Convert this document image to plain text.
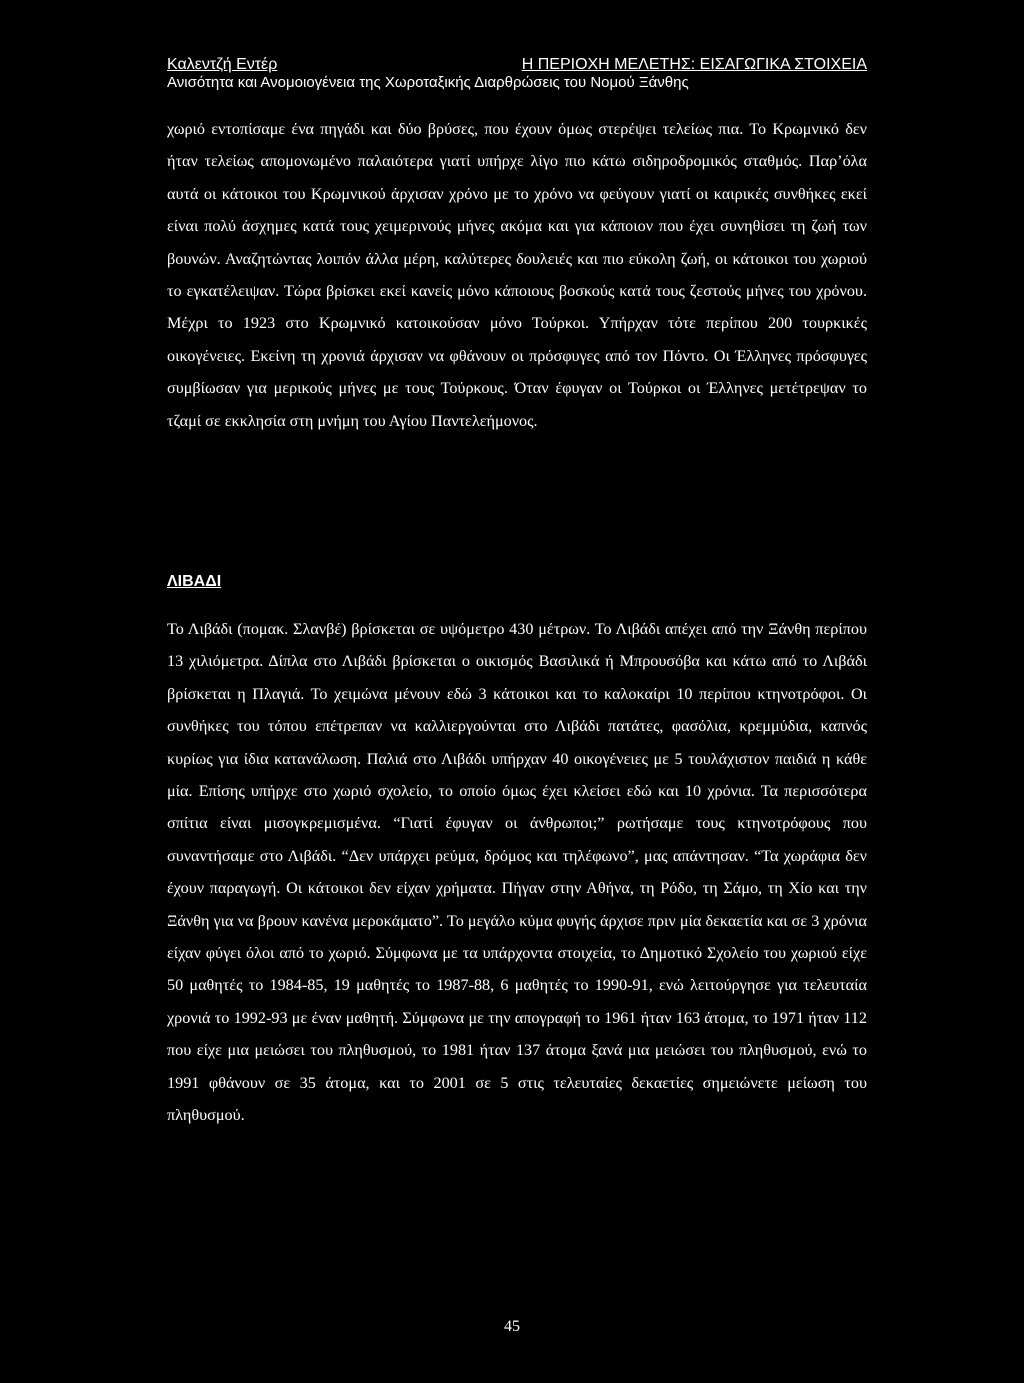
Καλεντζή Εντέρ	Η ΠΕΡΙΟΧΗ ΜΕΛΕΤΗΣ: ΕΙΣΑΓΩΓΙΚΑ ΣΤΟΙΧΕΙΑ
Ανισότητα και Ανομοιογένεια της Χωροταξικής Διαρθρώσεις του Νομού Ξάνθης

χωριό εντοπίσαμε ένα πηγάδι και δύο βρύσες, που έχουν όμως στερέψει τελείως πια. Το Κρωμνικό δεν ήταν τελείως απομονωμένο παλαιότερα γιατί υπήρχε λίγο πιο κάτω σιδηροδρομικός σταθμός. Παρ’όλα αυτά οι κάτοικοι του Κρωμνικού άρχισαν χρόνο με το χρόνο να φεύγουν γιατί οι καιρικές συνθήκες εκεί είναι πολύ άσχημες κατά τους χειμερινούς μήνες ακόμα και για κάποιον που έχει συνηθίσει τη ζωή των βουνών. Αναζητώντας λοιπόν άλλα μέρη, καλύτερες δουλειές και πιο εύκολη ζωή, οι κάτοικοι του χωριού το εγκατέλειψαν. Τώρα βρίσκει εκεί κανείς μόνο κάποιους βοσκούς κατά τους ζεστούς μήνες του χρόνου. Μέχρι το 1923 στο Κρωμνικό κατοικούσαν μόνο Τούρκοι. Υπήρχαν τότε περίπου 200 τουρκικές οικογένειες. Εκείνη τη χρονιά άρχισαν να φθάνουν οι πρόσφυγες από τον Πόντο. Οι Έλληνες πρόσφυγες συμβίωσαν για μερικούς μήνες με τους Τούρκους. Όταν έφυγαν οι Τούρκοι οι Έλληνες μετέτρεψαν το τζαμί σε εκκλησία στη μνήμη του Αγίου Παντελεήμονος.

ΛΙΒΑΔΙ

Το Λιβάδι (πομακ. Σλανβέ) βρίσκεται σε υψόμετρο 430 μέτρων. Το Λιβάδι απέχει από την Ξάνθη περίπου 13 χιλιόμετρα. Δίπλα στο Λιβάδι βρίσκεται ο οικισμός Βασιλικά ή Μπρουσόβα και κάτω από το Λιβάδι βρίσκεται η Πλαγιά. Το χειμώνα μένουν εδώ 3 κάτοικοι και το καλοκαίρι 10 περίπου κτηνοτρόφοι. Οι συνθήκες του τόπου επέτρεπαν να καλλιεργούνται στο Λιβάδι πατάτες, φασόλια, κρεμμύδια, καπνός κυρίως για ίδια κατανάλωση. Παλιά στο Λιβάδι υπήρχαν 40 οικογένειες με 5 τουλάχιστον παιδιά η κάθε μία. Επίσης υπήρχε στο χωριό σχολείο, το οποίο όμως έχει κλείσει εδώ και 10 χρόνια. Τα περισσότερα σπίτια είναι μισογκρεμισμένα. “Γιατί έφυγαν οι άνθρωποι;” ρωτήσαμε τους κτηνοτρόφους που συναντήσαμε στο Λιβάδι. “Δεν υπάρχει ρεύμα, δρόμος και τηλέφωνο”, μας απάντησαν. “Τα χωράφια δεν έχουν παραγωγή. Οι κάτοικοι δεν είχαν χρήματα. Πήγαν στην Αθήνα, τη Ρόδο, τη Σάμο, τη Χίο και την Ξάνθη για να βρουν κανένα μεροκάματο”. Το μεγάλο κύμα φυγής άρχισε πριν μία δεκαετία και σε 3 χρόνια είχαν φύγει όλοι από το χωριό. Σύμφωνα με τα υπάρχοντα στοιχεία, το Δημοτικό Σχολείο του χωριού είχε 50 μαθητές το 1984-85, 19 μαθητές το 1987-88, 6 μαθητές το 1990-91, ενώ λειτούργησε για τελευταία χρονιά το 1992-93 με έναν μαθητή. Σύμφωνα με την απογραφή το 1961 ήταν 163 άτομα, το 1971 ήταν 112 που είχε μια μειώσει του πληθυσμού, το 1981 ήταν 137 άτομα ξανά μια μειώσει του πληθυσμού, ενώ το 1991 φθάνουν σε 35 άτομα, και το 2001 σε 5 στις τελευταίες δεκαετίες σημειώνετε μείωση του πληθυσμού.

45
